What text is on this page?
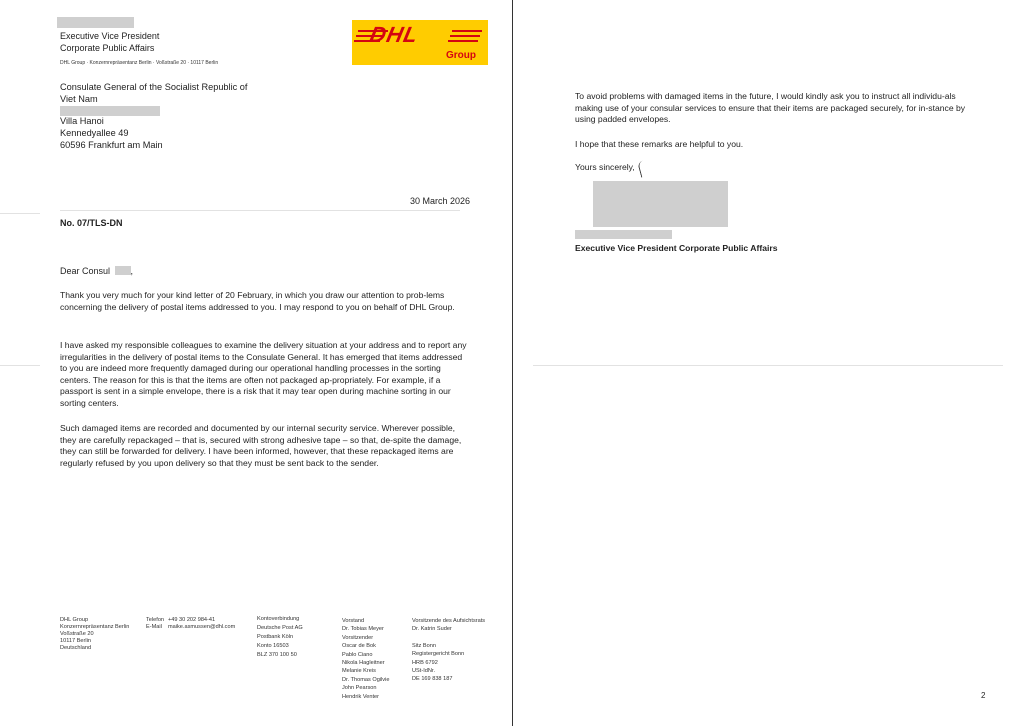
Executive Vice President
Corporate Public Affairs
DHL Group · Konzernrepräsentanz Berlin · Voßstraße 20 · 10117 Berlin
DHL
Group
Consulate General of the Socialist Republic of
Viet Nam
Villa Hanoi
Kennedyallee 49
60596 Frankfurt am Main
30 March 2026
No. 07/TLS-DN
Dear Consul ,
Thank you very much for your kind letter of 20 February, in which you draw our attention to prob-lems concerning the delivery of postal items addressed to you. I may respond to you on behalf of DHL Group.
I have asked my responsible colleagues to examine the delivery situation at your address and to report any irregularities in the delivery of postal items to the Consulate General. It has emerged that items addressed to you are indeed more frequently damaged during our operational handling processes in the sorting centers. The reason for this is that the items are often not packaged ap-propriately. For example, if a passport is sent in a simple envelope, there is a risk that it may tear open during machine sorting in our sorting centers.
Such damaged items are recorded and documented by our internal security service. Wherever possible, they are carefully repackaged – that is, secured with strong adhesive tape – so that, de-spite the damage, they can still be forwarded for delivery. I have been informed, however, that these repackaged items are regularly refused by you upon delivery so that they must be sent back to the sender.
DHL Group
Konzernrepräsentanz Berlin
Voßstraße 20
10117 Berlin
Deutschland
Telefon
E-Mail
+49 30 202 984-41
maike.asmussen@dhl.com
Kontoverbindung
Deutsche Post AG
Postbank Köln
Konto 16503
BLZ 370 100 50
Vorstand
Dr. Tobias Meyer
Vorsitzender
Oscar de Bok
Pablo Ciano
Nikola Hagleitner
Melanie Kreis
Dr. Thomas Ogilvie
John Pearson
Hendrik Venter
Vorsitzende des Aufsichtsrats
Dr. Katrin Suder
Sitz Bonn
Registergericht Bonn
HRB 6792
USt-IdNr.
DE 169 838 187
To avoid problems with damaged items in the future, I would kindly ask you to instruct all individu-als making use of your consular services to ensure that their items are packaged securely, for in-stance by using padded envelopes.
I hope that these remarks are helpful to you.
Yours sincerely,
Executive Vice President Corporate Public Affairs
2
